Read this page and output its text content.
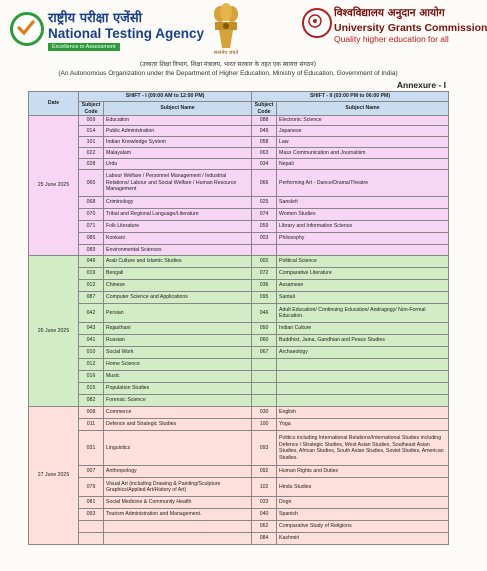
राष्ट्रीय परीक्षा एजेंसी
National Testing Agency
Excellence in Assessment
सत्यमेव जयते
विश्वविद्यालय अनुदान आयोग
University Grants Commission
Quality higher education for all
(उच्चतर शिक्षा विभाग, शिक्षा मंत्रालय, भारत सरकार के तहत एक स्वायत्त संगठन)
(An Autonomous Organization under the Department of Higher Education, Ministry of Education, Government of India)
Annexure - I
Date	SHIFT - I (09:00 AM to 12:00 PM)		SHIFT - II (03:00 PM to 06:00 PM)	
	Subject Code	Subject Name	Subject Code	Subject Name
25 June 2025	009	Education	088	Electronic Science
	014	Public Administration	049	Japanese
	101	Indian Knowledge System	058	Law
	022	Malayalam	063	Mass Communication and Journalism
	028	Urdu	034	Nepali
	065	Labour Welfare / Personnel Management / Industrial Relations/ Labour and Social Welfare / Human Resource Management	066	Performing Art - Dance/Drama/Theatre
	068	Criminology	025	Sanskrit
	070	Tribal and Regional Language/Literature	074	Women Studies
	071	Folk Literature	059	Library and Information Science
	085	Konkani	003	Philosophy
	089	Environmental Sciences		
26 June 2025	049	Arab Culture and Islamic Studies	002	Political Science
	019	Bengali	072	Comparative Literature
	012	Chinese	036	Assamese
	087	Computer Science and Applications	095	Santali
	042	Persian	046	Adult Education/ Continuing Education/ Andragogy/ Non-Formal Education.
	043	Rajasthani	050	Indian Culture
	041	Russian	060	Buddhist, Jaina, Gandhian and Peace Studies
	010	Social Work	067	Archaeology
	012	Home Science		
	016	Music		
	015	Population Studies		
	082	Forensic Science		
27 June 2025	008	Commerce	030	English
	011	Defence and Strategic Studies	100	Yoga
	031	Linguistics	093	Politics including International Relations/International Studies including Defence / Strategic Studies, West Asian Studies, Southeast Asian Studies, African Studies, South Asian Studies, Soviet Studies, American Studies.
	007	Anthropology	092	Human Rights and Duties
	079	Visual Art (including Drawing & Painting/Sculpture Graphics/Applied Art/History of Art)	102	Hindu Studies
	081	Social Medicine & Community Health	033	Dogri
	093	Tourism Administration and Management.	040	Spanish
			062	Comparative Study of Religions
			084	Kashmiri
